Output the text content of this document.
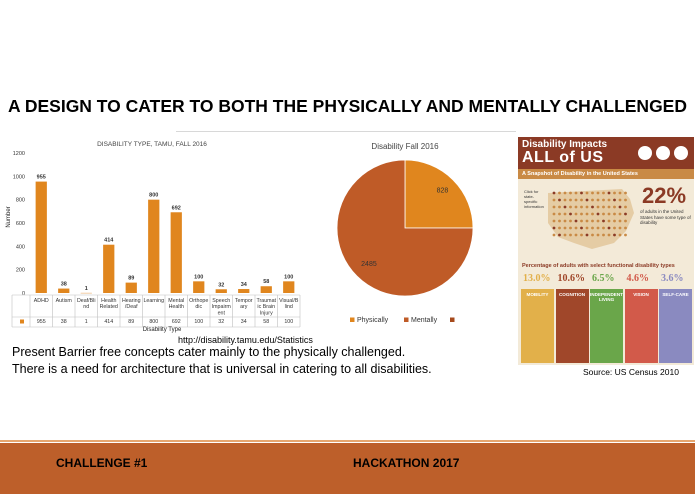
A DESIGN TO CATER TO BOTH THE PHYSICALLY AND MENTALLY CHALLENGED
DISABILITY TYPE, TAMU, FALL 2016
0
200
400
600
800
1000
1200
955
38
1
414
89
800
692
100
32	34	58
100
ADHD
955
Autism
38
Deaf/Bli nd
1
Health Related
414
Hearing /Deaf
89
Learning
800
Mental Health
692
Orthope dic
100
Speech Impairm ent
32
Tempor ary
34
Traumat ic Brain Injury
58
Visual/B lind
100
Disability Type
Number
Disability Fall 2016
828
2485
Physically	Mentally
http://disability.tamu.edu/Statistics
Present Barrier free concepts cater mainly to the physically challenged.
There is a need for architecture that is universal in catering to all disabilities.
Disability Impacts
ALL of US
A Snapshot of Disability in the United States
Click for state-specific information	22%
of adults in the United States have some type of disability
Percentage of adults with select functional disability types
13.0%
MOBILITY
10.6%
COGNITION
6.5%
INDEPENDENT LIVING
4.6%
VISION
3.6%
SELF-CARE
Source: US Census 2010
CHALLENGE #1	HACKATHON 2017
